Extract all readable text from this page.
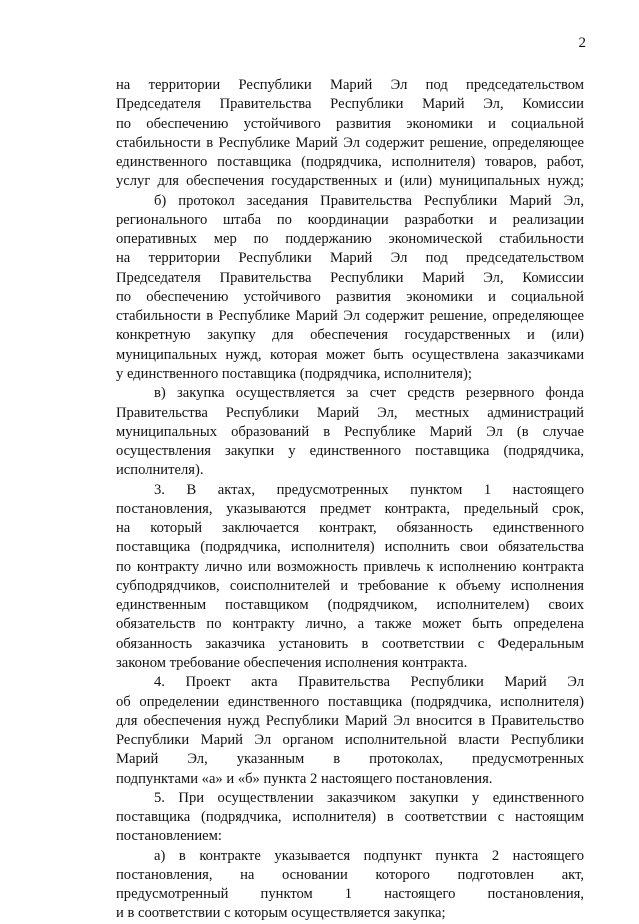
2
на территории Республики Марий Эл под председательством
Председателя Правительства Республики Марий Эл, Комиссии
по обеспечению устойчивого развития экономики и социальной
стабильности в Республике Марий Эл содержит решение, определяющее
единственного поставщика (подрядчика, исполнителя) товаров, работ,
услуг для обеспечения государственных и (или) муниципальных нужд;
б) протокол заседания Правительства Республики Марий Эл,
регионального штаба по координации разработки и реализации
оперативных мер по поддержанию экономической стабильности
на территории Республики Марий Эл под председательством
Председателя Правительства Республики Марий Эл, Комиссии
по обеспечению устойчивого развития экономики и социальной
стабильности в Республике Марий Эл содержит решение, определяющее
конкретную закупку для обеспечения государственных и (или)
муниципальных нужд, которая может быть осуществлена заказчиками
у единственного поставщика (подрядчика, исполнителя);
в) закупка осуществляется за счет средств резервного фонда
Правительства Республики Марий Эл, местных администраций
муниципальных образований в Республике Марий Эл (в случае
осуществления закупки у единственного поставщика (подрядчика,
исполнителя).
3. В актах, предусмотренных пунктом 1 настоящего
постановления, указываются предмет контракта, предельный срок,
на который заключается контракт, обязанность единственного
поставщика (подрядчика, исполнителя) исполнить свои обязательства
по контракту лично или возможность привлечь к исполнению контракта
субподрядчиков, соисполнителей и требование к объему исполнения
единственным поставщиком (подрядчиком, исполнителем) своих
обязательств по контракту лично, а также может быть определена
обязанность заказчика установить в соответствии с Федеральным
законом требование обеспечения исполнения контракта.
4. Проект акта Правительства Республики Марий Эл
об определении единственного поставщика (подрядчика, исполнителя)
для обеспечения нужд Республики Марий Эл вносится в Правительство
Республики Марий Эл органом исполнительной власти Республики
Марий Эл, указанным в протоколах, предусмотренных
подпунктами «а» и «б» пункта 2 настоящего постановления.
5. При осуществлении заказчиком закупки у единственного
поставщика (подрядчика, исполнителя) в соответствии с настоящим
постановлением:
а) в контракте указывается подпункт пункта 2 настоящего
постановления, на основании которого подготовлен акт,
предусмотренный пунктом 1 настоящего постановления,
и в соответствии с которым осуществляется закупка;
